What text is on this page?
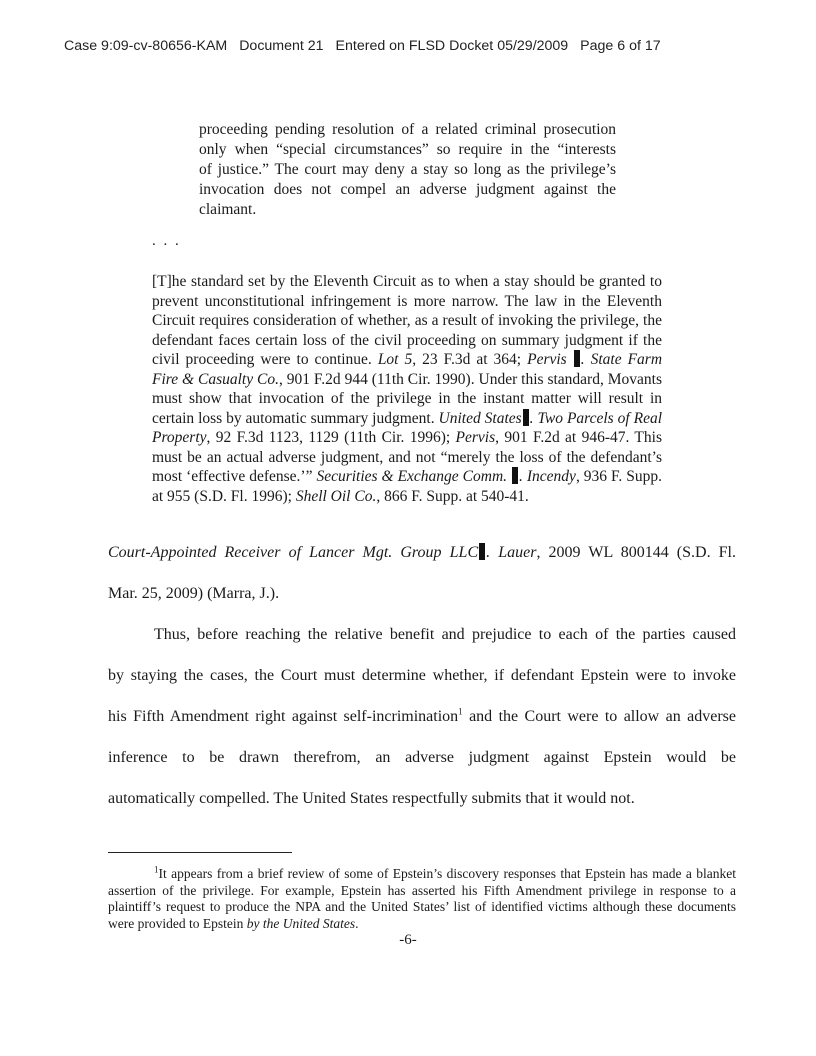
Case 9:09-cv-80656-KAM Document 21 Entered on FLSD Docket 05/29/2009 Page 6 of 17
proceeding pending resolution of a related criminal prosecution
only when “special circumstances” so require in the “interests
of justice.” The court may deny a stay so long as the privilege’s
invocation does not compel an adverse judgment against the
claimant.
. . .
[T]he standard set by the Eleventh Circuit as to when a stay should be granted to prevent unconstitutional infringement is more narrow. The law in the Eleventh Circuit requires consideration of whether, as a result of invoking the privilege, the defendant faces certain loss of the civil proceeding on summary judgment if the civil proceeding were to continue. Lot 5, 23 F.3d at 364; Pervis . State Farm Fire & Casualty Co., 901 F.2d 944 (11th Cir. 1990). Under this standard, Movants must show that invocation of the privilege in the instant matter will result in certain loss by automatic summary judgment. United States . Two Parcels of Real Property, 92 F.3d 1123, 1129 (11th Cir. 1996); Pervis, 901 F.2d at 946-47. This must be an actual adverse judgment, and not “merely the loss of the defendant’s most ‘effective defense.’” Securities & Exchange Comm. . Incendy, 936 F. Supp. at 955 (S.D. Fl. 1996); Shell Oil Co., 866 F. Supp. at 540-41.
Court-Appointed Receiver of Lancer Mgt. Group LLC . Lauer, 2009 WL 800144 (S.D. Fl.
Mar. 25, 2009) (Marra, J.).
Thus, before reaching the relative benefit and prejudice to each of the parties caused
by staying the cases, the Court must determine whether, if defendant Epstein were to invoke
his Fifth Amendment right against self-incrimination$^1$ and the Court were to allow an adverse
inference to be drawn therefrom, an adverse judgment against Epstein would be
automatically compelled. The United States respectfully submits that it would not.
$^1$It appears from a brief review of some of Epstein’s discovery responses that Epstein has made a blanket assertion of the privilege. For example, Epstein has asserted his Fifth Amendment privilege in response to a plaintiff’s request to produce the NPA and the United States’ list of identified victims although these documents were provided to Epstein by the United States.
-6-
